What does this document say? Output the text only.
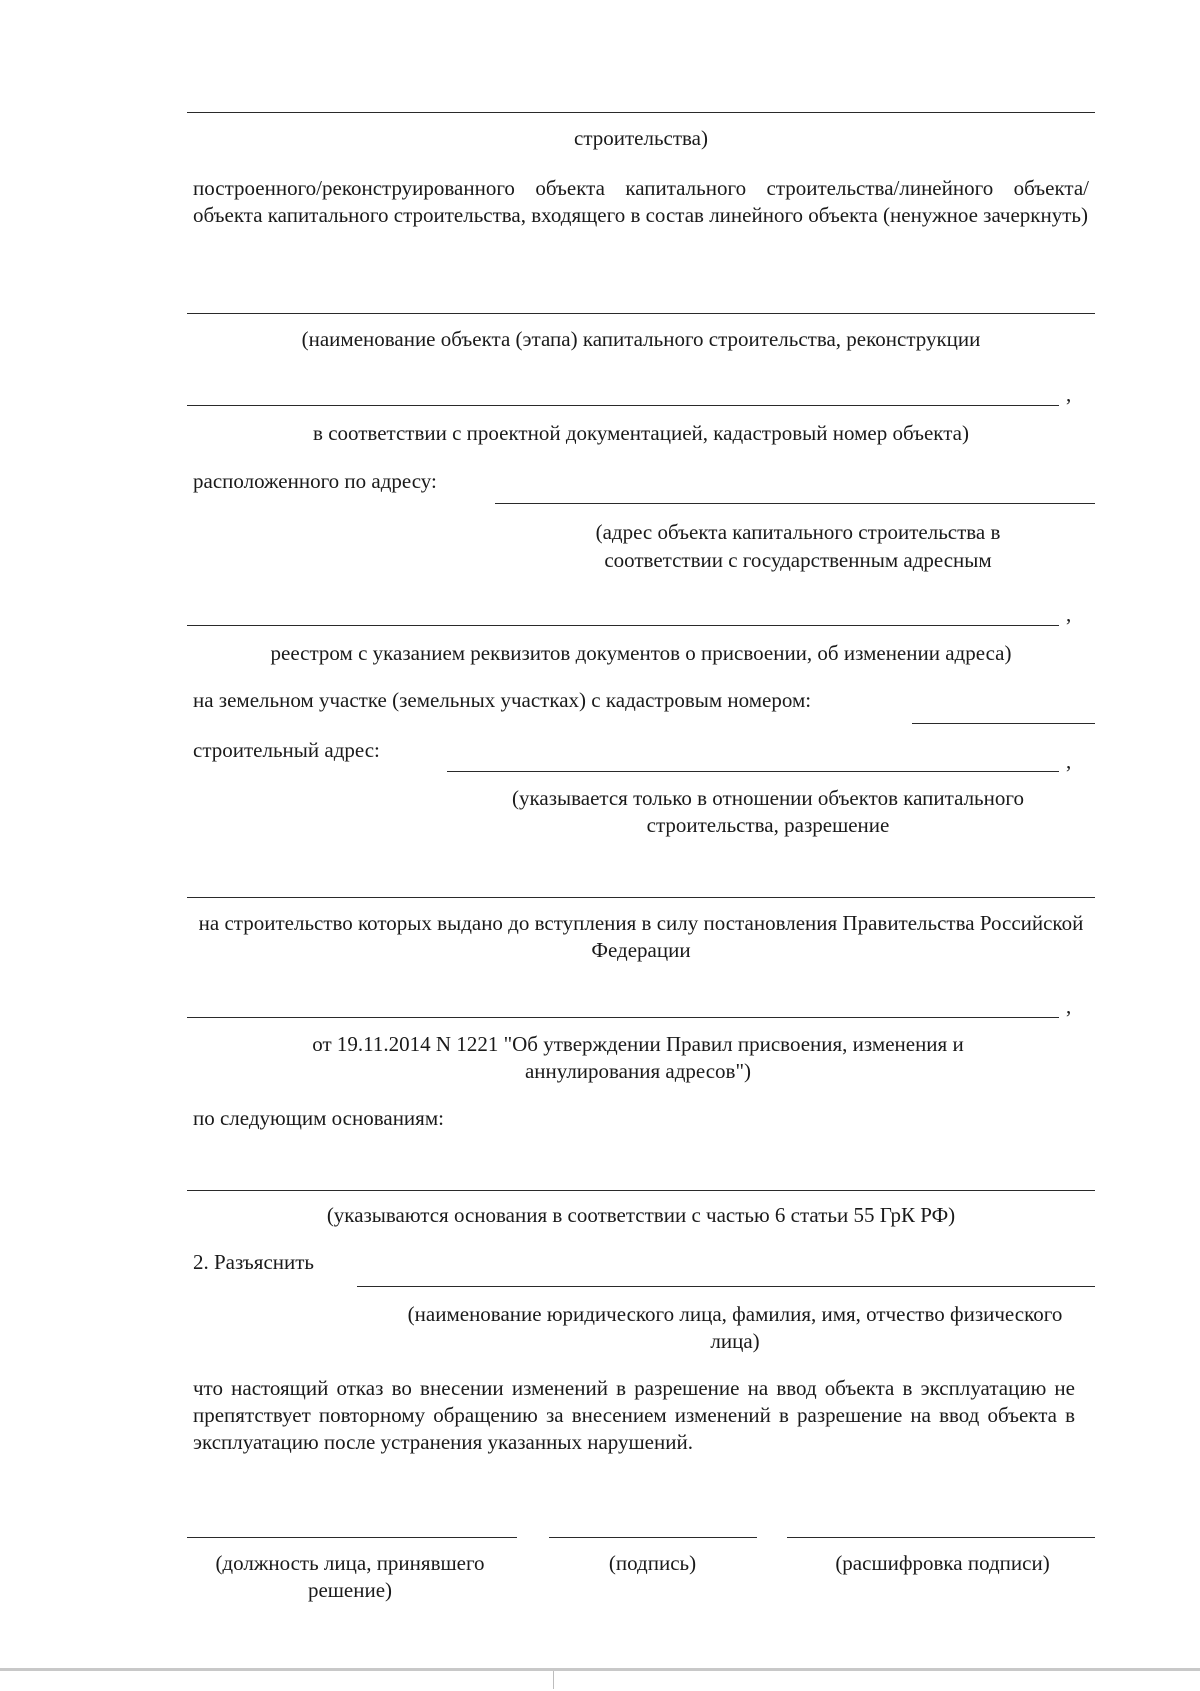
строительства)
построенного/реконструированного объекта капитального строительства/линейного объекта/объекта капитального строительства, входящего в состав линейного объекта (ненужное зачеркнуть)
(наименование объекта (этапа) капитального строительства, реконструкции
,
в соответствии с проектной документацией, кадастровый номер объекта)
расположенного по адресу:
(адрес объекта капитального строительства в соответствии с государственным адресным
,
реестром с указанием реквизитов документов о присвоении, об изменении адреса)
на земельном участке (земельных участках) с кадастровым номером:
строительный адрес:	,
(указывается только в отношении объектов капитального строительства, разрешение
на строительство которых выдано до вступления в силу постановления Правительства Российской Федерации
,
от 19.11.2014 N 1221 "Об утверждении Правил присвоения, изменения и аннулирования адресов")
по следующим основаниям:
(указываются основания в соответствии с частью 6 статьи 55 ГрК РФ)
2. Разъяснить
(наименование юридического лица, фамилия, имя, отчество физического лица)
что настоящий отказ во внесении изменений в разрешение на ввод объекта в эксплуатацию не препятствует повторному обращению за внесением изменений в разрешение на ввод объекта в эксплуатацию после устранения указанных нарушений.
(должность лица, принявшего решение)
(подпись)	(расшифровка подписи)
